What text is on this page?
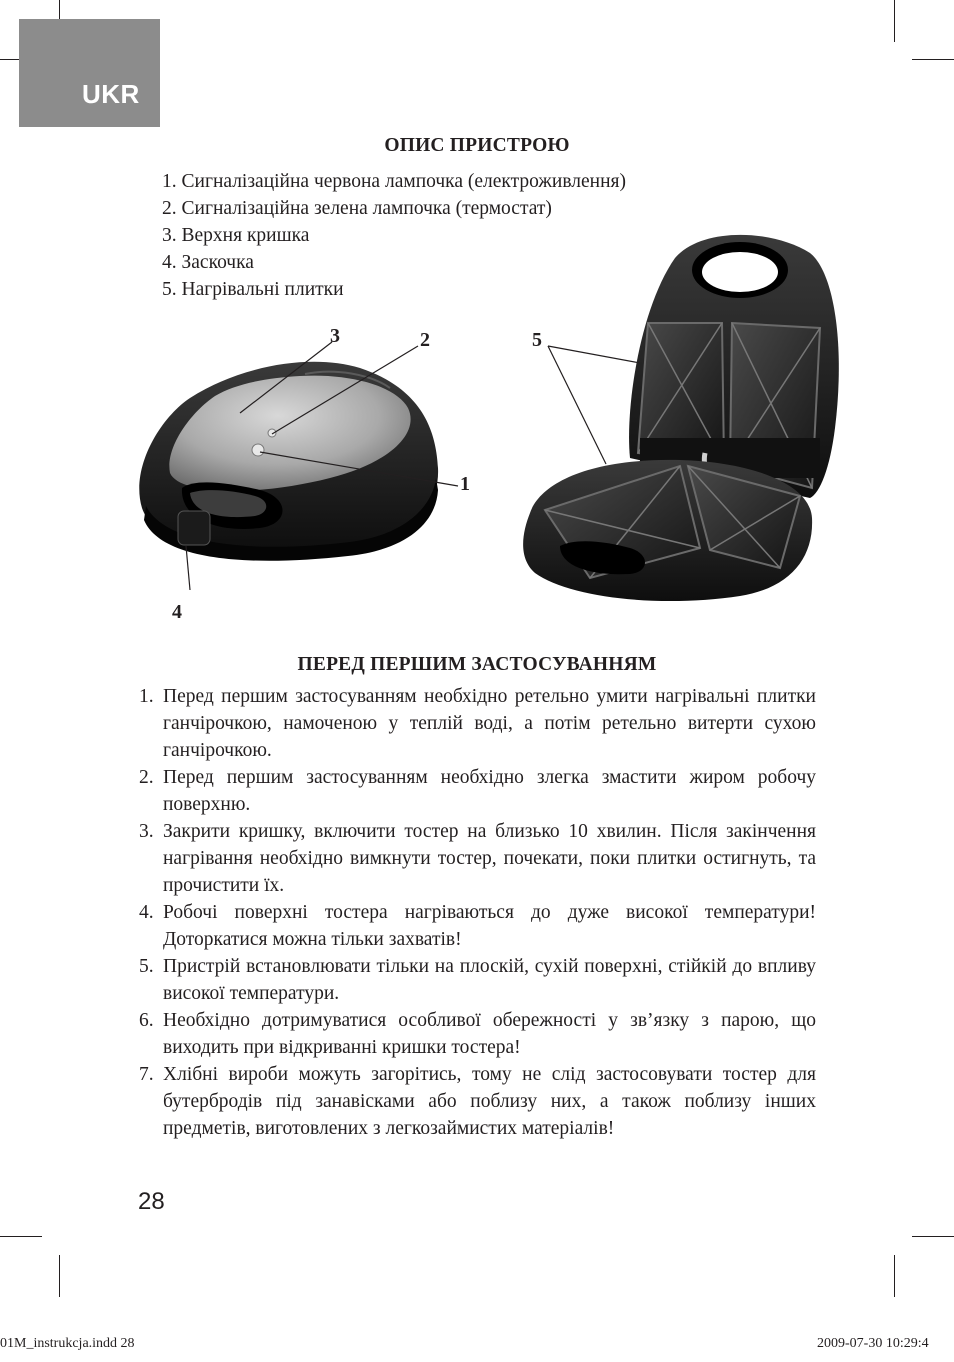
UKR
ОПИС ПРИСТРОЮ
1. Сигналізаційна червона лампочка (електроживлення)
2. Сигналізаційна зелена лампочка (термостат)
3. Верхня кришка
4. Заскочка
5. Нагрівальні плитки
3	2	5
1
4
ПЕРЕД ПЕРШИМ ЗАСТОСУВАННЯМ
1. Перед першим застосуванням необхідно ретельно умити нагрівальні плитки ганчірочкою, намоченою у теплій воді, а потім ретельно витерти сухою ганчірочкою.
2. Перед першим застосуванням необхідно злегка змастити жиром робочу поверхню.
3. Закрити кришку, включити тостер на близько 10 хвилин. Після закінчення нагрівання необхідно вимкнути тостер, почекати, поки плитки остигнуть, та прочистити їх.
4. Робочі поверхні тостера нагріваються до дуже високої температури! Доторкатися можна тільки захватів!
5. Пристрій встановлювати тільки на плоскій, сухій поверхні, стійкій до впливу високої температури.
6. Необхідно дотримуватися особливої обережності у зв’язку з парою, що виходить при відкриванні кришки тостера!
7. Хлібні вироби можуть загорітись, тому не слід застосовувати тостер для бутербродів під занавісками або поблизу них, а також поблизу інших предметів, виготовлених з легкозаймистих матеріалів!
28
01M_instrukcja.indd 28	2009-07-30 10:29:4
